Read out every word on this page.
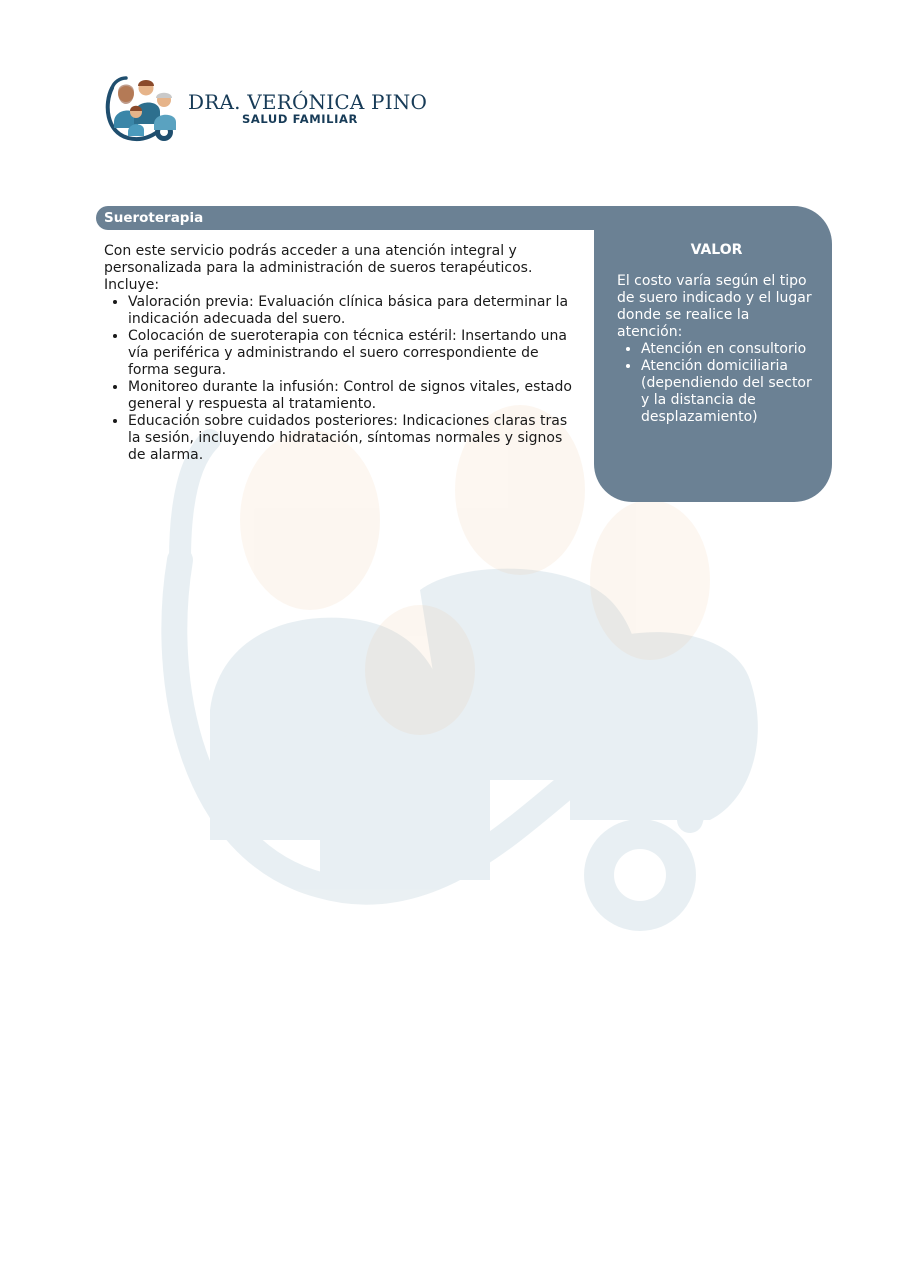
DRA. VERÓNICA PINO
SALUD FAMILIAR
Sueroterapia

VALOR

El costo varía según el tipo de suero indicado y el lugar donde se realice la atención:

• Atención en consultorio
• Atención domiciliaria (dependiendo del sector y la distancia de desplazamiento)

Con este servicio podrás acceder a una atención integral y personalizada para la administración de sueros terapéuticos. Incluye:

• Valoración previa: Evaluación clínica básica para determinar la indicación adecuada del suero.
• Colocación de sueroterapia con técnica estéril: Insertando una vía periférica y administrando el suero correspondiente de forma segura.
• Monitoreo durante la infusión: Control de signos vitales, estado general y respuesta al tratamiento.
• Educación sobre cuidados posteriores: Indicaciones claras tras la sesión, incluyendo hidratación, síntomas normales y signos de alarma.
